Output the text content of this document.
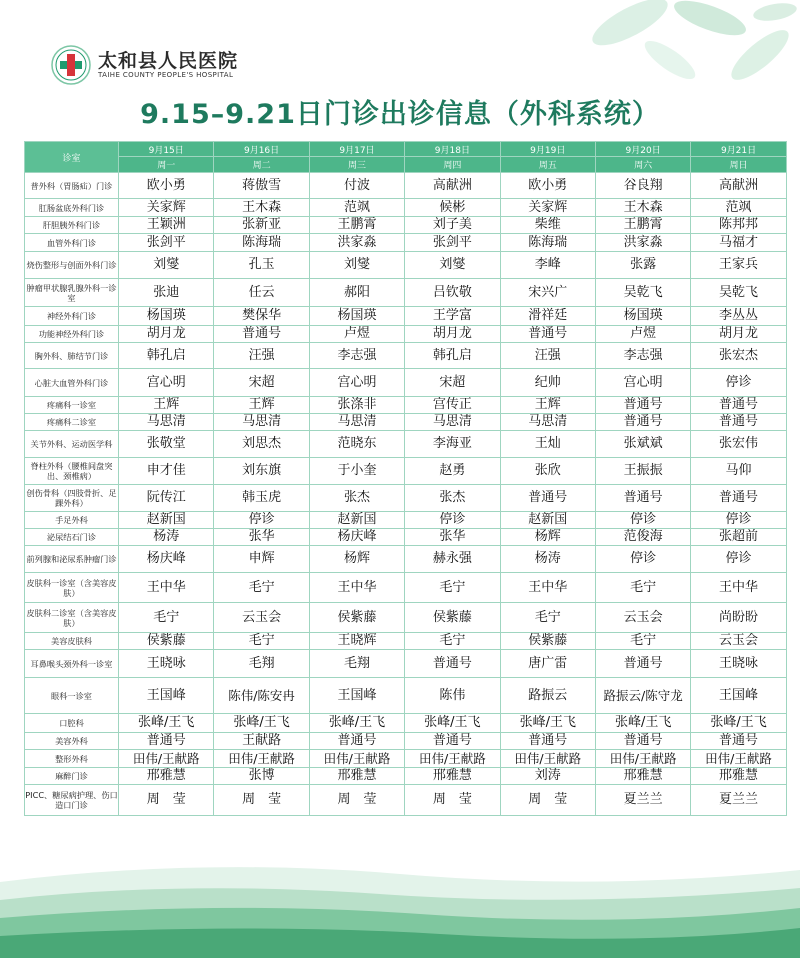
太和县人民医院
TAIHE COUNTY PEOPLE'S HOSPITAL
9.15–9.21日门诊出诊信息（外科系统）
诊室	9月15日	9月16日	9月17日	9月18日	9月19日	9月20日	9月21日
	周一	周二	周三	周四	周五	周六	周日
普外科（胃肠疝）门诊	欧小勇	蒋傲雪	付波	高献洲	欧小勇	谷良翔	高献洲
肛肠盆底外科门诊	关家辉	王木森	范飒	候彬	关家辉	王木森	范飒
肝胆胰外科门诊	王颖洲	张新亚	王鹏霄	刘子美	柴维	王鹏霄	陈邦邦
血管外科门诊	张剑平	陈海瑞	洪家淼	张剑平	陈海瑞	洪家淼	马福才
烧伤整形与创面外科门诊	刘燮	孔玉	刘燮	刘燮	李峰	张露	王家兵
肿瘤甲状腺乳腺外科一诊室	张迪	任云	郝阳	吕钦敬	宋兴广	吴乾飞	吴乾飞
神经外科门诊	杨国瑛	樊保华	杨国瑛	王学富	滑祥廷	杨国瑛	李丛丛
功能神经外科门诊	胡月龙	普通号	卢煜	胡月龙	普通号	卢煜	胡月龙
胸外科、肺结节门诊	韩孔启	汪强	李志强	韩孔启	汪强	李志强	张宏杰
心脏大血管外科门诊	宫心明	宋超	宫心明	宋超	纪帅	宫心明	停诊
疼痛科一诊室	王辉	王辉	张涤非	宫传正	王辉	普通号	普通号
疼痛科二诊室	马思清	马思清	马思清	马思清	马思清	普通号	普通号
关节外科、运动医学科	张敬堂	刘思杰	范晓东	李海亚	王灿	张斌斌	张宏伟
脊柱外科（腰椎间盘突出、颈椎病）	申才佳	刘东旗	于小奎	赵勇	张欣	王振振	马仰
创伤骨科（四肢骨折、足踝外科）	阮传江	韩玉虎	张杰	张杰	普通号	普通号	普通号
手足外科	赵新国	停诊	赵新国	停诊	赵新国	停诊	停诊
泌尿结石门诊	杨涛	张华	杨庆峰	张华	杨辉	范俊海	张超前
前列腺和泌尿系肿瘤门诊	杨庆峰	申辉	杨辉	赫永强	杨涛	停诊	停诊
皮肤科一诊室（含美容皮肤）	王中华	毛宁	王中华	毛宁	王中华	毛宁	王中华
皮肤科二诊室（含美容皮肤）	毛宁	云玉会	侯紫藤	侯紫藤	毛宁	云玉会	尚盼盼
美容皮肤科	侯紫藤	毛宁	王晓辉	毛宁	侯紫藤	毛宁	云玉会
耳鼻喉头颈外科一诊室	王晓咏	毛翔	毛翔	普通号	唐广雷	普通号	王晓咏
眼科一诊室	王国峰	陈伟/陈安冉	王国峰	陈伟	路振云	路振云/陈守龙	王国峰
口腔科	张峰/王飞	张峰/王飞	张峰/王飞	张峰/王飞	张峰/王飞	张峰/王飞	张峰/王飞
美容外科	普通号	王献路	普通号	普通号	普通号	普通号	普通号
整形外科	田伟/王献路	田伟/王献路	田伟/王献路	田伟/王献路	田伟/王献路	田伟/王献路	田伟/王献路
麻醉门诊	邢雅慧	张博	邢雅慧	邢雅慧	刘涛	邢雅慧	邢雅慧
PICC、糖尿病护理、伤口造口门诊	周　莹	周　莹	周　莹	周　莹	周　莹	夏兰兰	夏兰兰
